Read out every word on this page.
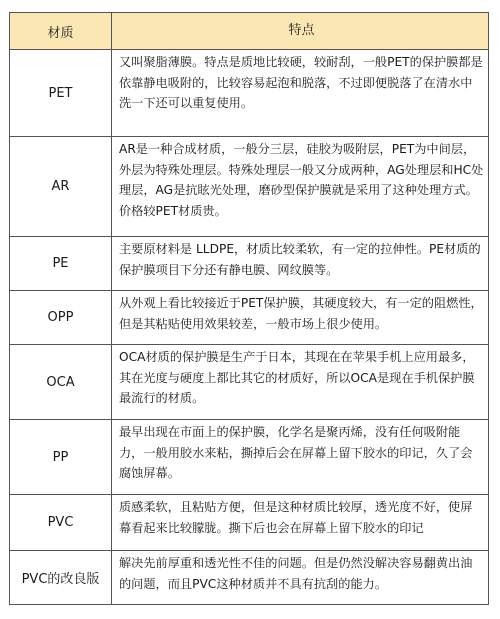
材质	特点
PET
又叫聚脂薄膜。特点是质地比较硬，较耐刮，一般PET的保护膜都是依靠静电吸附的，比较容易起泡和脱落，不过即便脱落了在清水中洗一下还可以重复使用。
AR
AR是一种合成材质，一般分三层，硅胶为吸附层，PET为中间层，外层为特殊处理层。特殊处理层一般又分成两种，AG处理层和HC处理层，AG是抗眩光处理，磨砂型保护膜就是采用了这种处理方式。价格较PET材质贵。
PE
主要原材料是 LLDPE，材质比较柔软，有一定的拉伸性。PE材质的保护膜项目下分还有静电膜、网纹膜等。
OPP
从外观上看比较接近于PET保护膜，其硬度较大，有一定的阻燃性，但是其粘贴使用效果较差，一般市场上很少使用。
OCA
OCA材质的保护膜是生产于日本，其现在在苹果手机上应用最多，其在光度与硬度上都比其它的材质好，所以OCA是现在手机保护膜最流行的材质。
PP
最早出现在市面上的保护膜，化学名是聚丙烯，没有任何吸附能力，一般用胶水来粘，撕掉后会在屏幕上留下胶水的印记，久了会腐蚀屏幕。
PVC
质感柔软，且粘贴方便，但是这种材质比较厚，透光度不好，使屏幕看起来比较朦胧。撕下后也会在屏幕上留下胶水的印记
PVC的改良版
解决先前厚重和透光性不佳的问题。但是仍然没解决容易翻黄出油的问题，而且PVC这种材质并不具有抗刮的能力。
